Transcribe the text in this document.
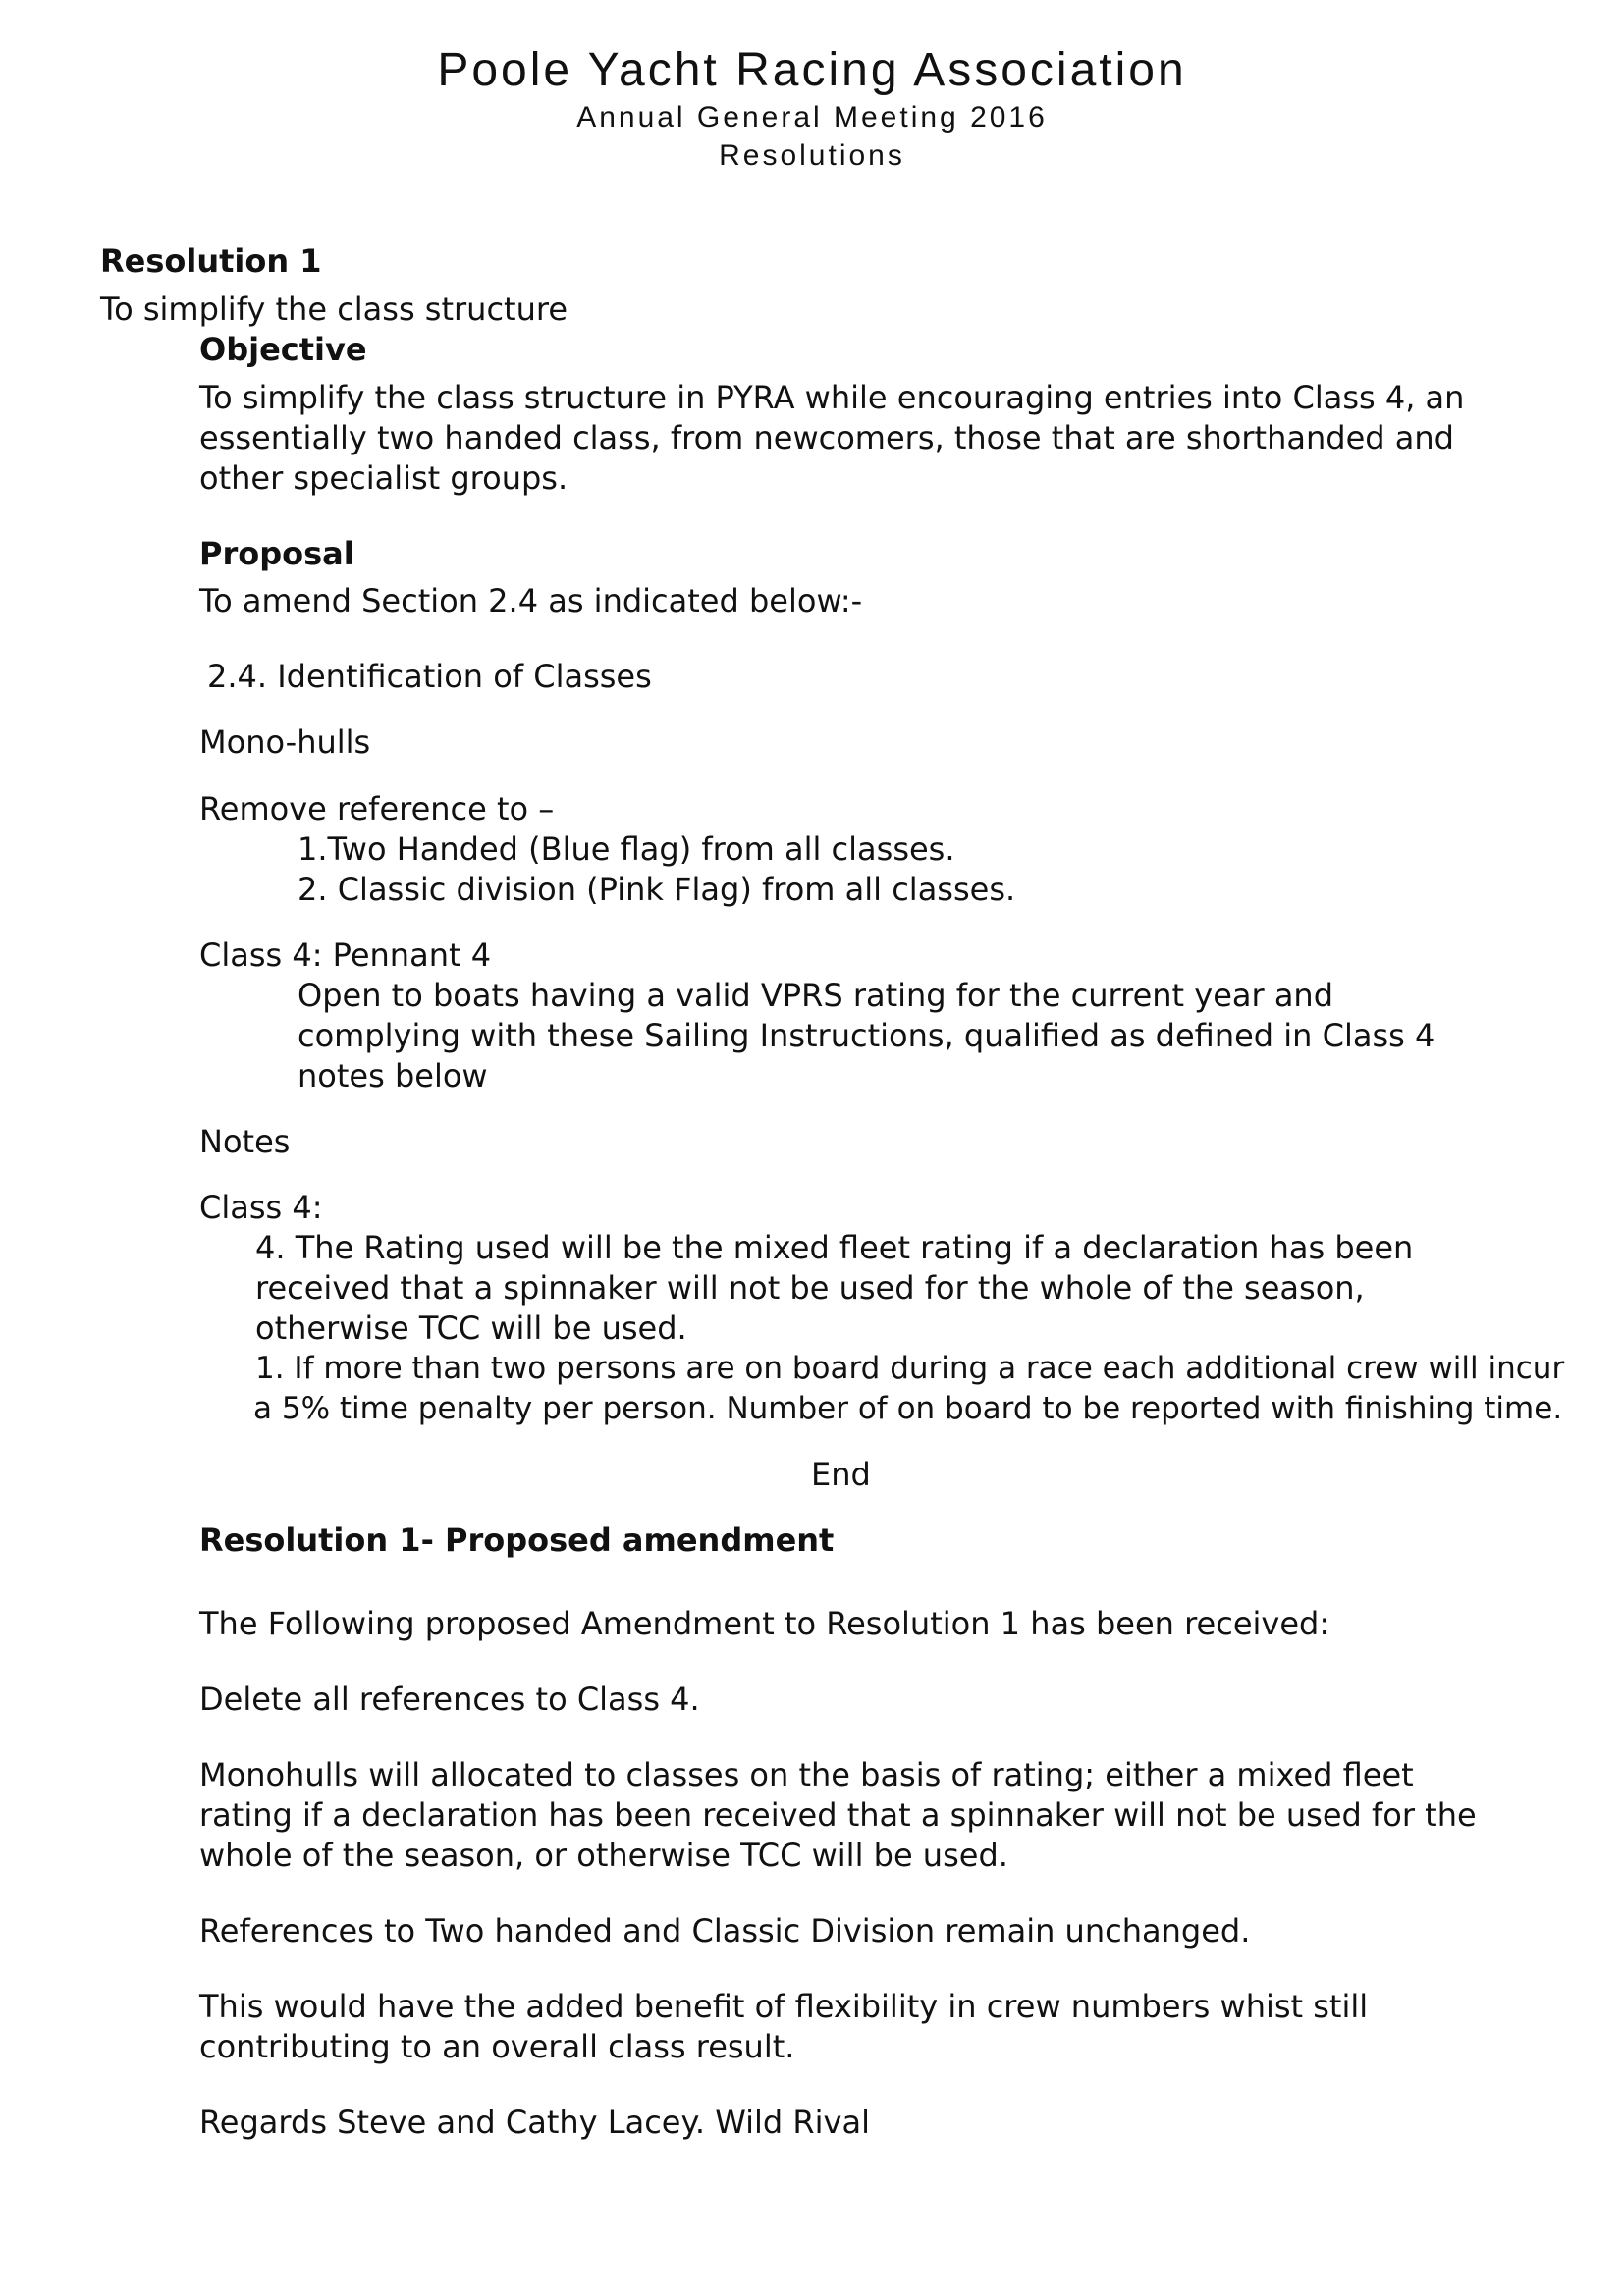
Poole Yacht Racing Association
Annual General Meeting 2016
Resolutions
Resolution 1
To simplify the class structure
Objective
To simplify the class structure in PYRA while encouraging entries into Class 4, an
essentially two handed class, from newcomers, those that are shorthanded and
other specialist groups.
Proposal
To amend Section 2.4 as indicated below:-
2.4. Identification of Classes
Mono-hulls
Remove reference to –
1.Two Handed (Blue flag) from all classes.
2. Classic division (Pink Flag) from all classes.
Class 4: Pennant 4
Open to boats having a valid VPRS rating for the current year and
complying with these Sailing Instructions, qualified as defined in Class 4
notes below
Notes
Class 4:
4. The Rating used will be the mixed fleet rating if a declaration has been
received that a spinnaker will not be used for the whole of the season,
otherwise TCC will be used.
1. If more than two persons are on board during a race each additional crew will incur
a 5% time penalty per person. Number of on board to be reported with finishing time.
End
Resolution 1- Proposed amendment
The Following proposed Amendment to Resolution 1 has been received:
Delete all references to Class 4.
Monohulls will allocated to classes on the basis of rating; either a mixed fleet
rating if a declaration has been received that a spinnaker will not be used for the
whole of the season, or otherwise TCC will be used.
References to Two handed and Classic Division remain unchanged.
This would have the added benefit of flexibility in crew numbers whist still
contributing to an overall class result.
Regards Steve and Cathy Lacey. Wild Rival
